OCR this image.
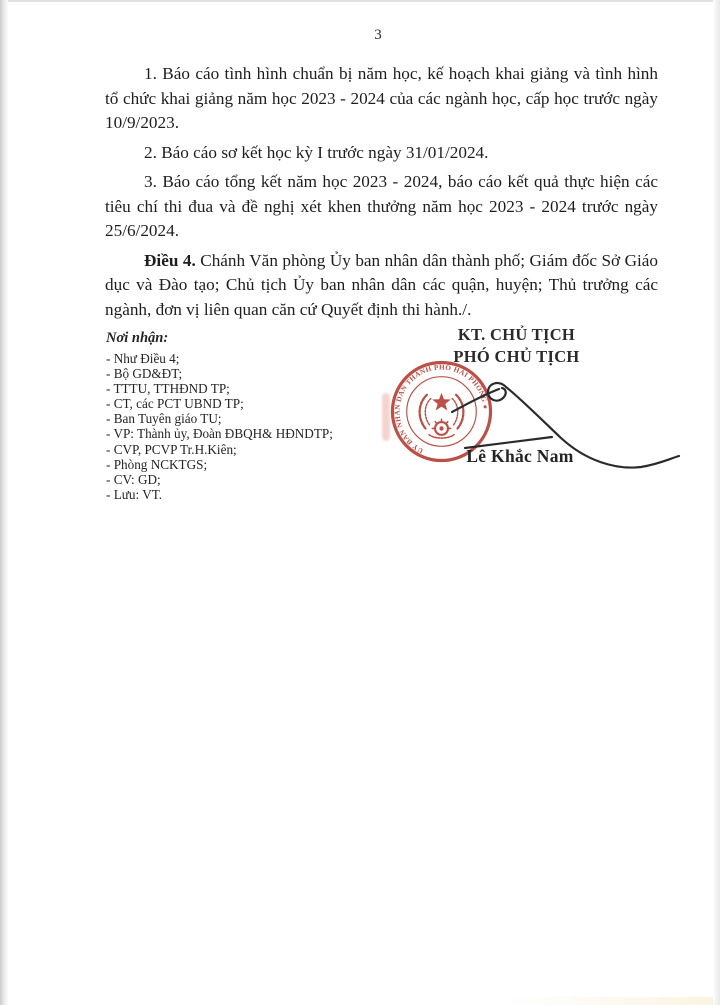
3

1. Báo cáo tình hình chuẩn bị năm học, kế hoạch khai giảng và tình hình tổ chức khai giảng năm học 2023 - 2024 của các ngành học, cấp học trước ngày 10/9/2023.

2. Báo cáo sơ kết học kỳ I trước ngày 31/01/2024.

3. Báo cáo tổng kết năm học 2023 - 2024, báo cáo kết quả thực hiện các tiêu chí thi đua và đề nghị xét khen thưởng năm học 2023 - 2024 trước ngày 25/6/2024.

Điều 4. Chánh Văn phòng Ủy ban nhân dân thành phố; Giám đốc Sở Giáo dục và Đào tạo; Chủ tịch Ủy ban nhân dân các quận, huyện; Thủ trưởng các ngành, đơn vị liên quan căn cứ Quyết định thi hành./.

Nơi nhận:
- Như Điều 4;
- Bộ GD&ĐT;
- TTTU, TTHĐND TP;
- CT, các PCT UBND TP;
- Ban Tuyên giáo TU;
- VP: Thành ủy, Đoàn ĐBQH& HĐNDTP;
- CVP, PCVP Tr.H.Kiên;
- Phòng NCKTGS;
- CV: GD;
- Lưu: VT.
KT. CHỦ TỊCH
PHÓ CHỦ TỊCH
UỶ BAN NHÂN DÂN THÀNH PHỐ HẢI PHÒNG ●
Lê Khắc Nam
